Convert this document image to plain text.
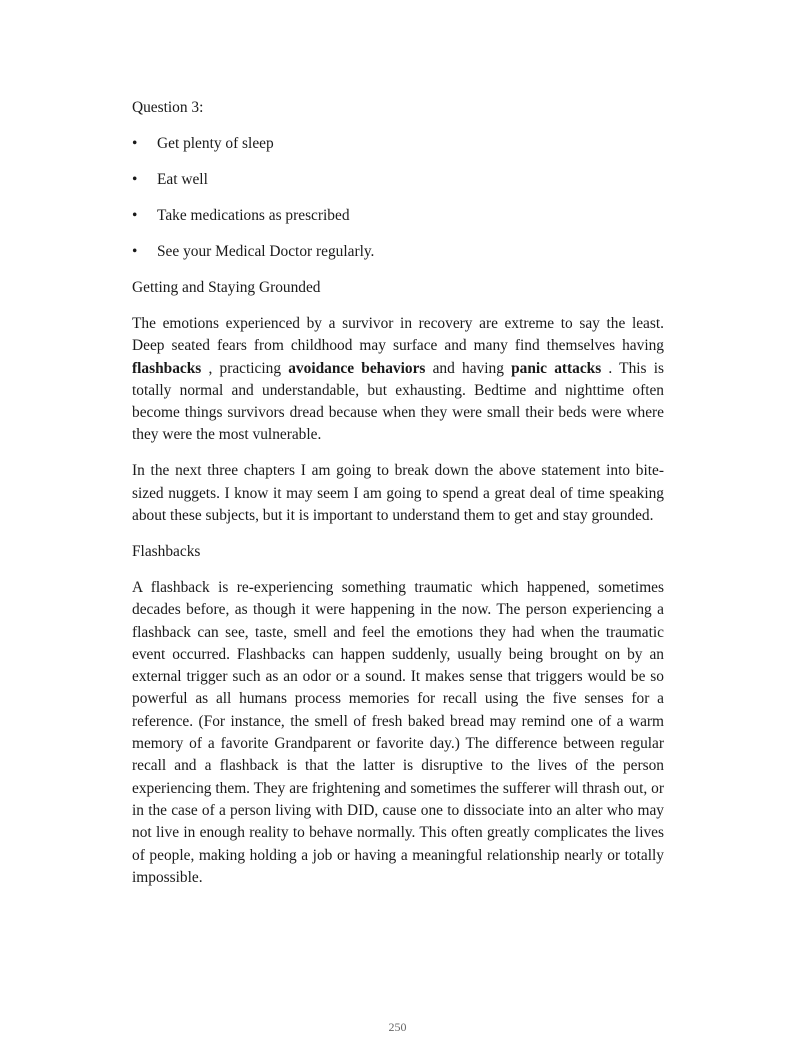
Question 3:
• Get plenty of sleep
• Eat well
• Take medications as prescribed
• See your Medical Doctor regularly.
Getting and Staying Grounded

The emotions experienced by a survivor in recovery are extreme to say the least. Deep seated fears from childhood may surface and many find themselves having flashbacks , practicing avoidance behaviors and having panic attacks . This is totally normal and understandable, but exhausting. Bedtime and nighttime often become things survivors dread because when they were small their beds were where they were the most vulnerable.

In the next three chapters I am going to break down the above statement into bite-sized nuggets. I know it may seem I am going to spend a great deal of time speaking about these subjects, but it is important to understand them to get and stay grounded.

Flashbacks

A flashback is re-experiencing something traumatic which happened, sometimes decades before, as though it were happening in the now. The person experiencing a flashback can see, taste, smell and feel the emotions they had when the traumatic event occurred. Flashbacks can happen suddenly, usually being brought on by an external trigger such as an odor or a sound. It makes sense that triggers would be so powerful as all humans process memories for recall using the five senses for a reference. (For instance, the smell of fresh baked bread may remind one of a warm memory of a favorite Grandparent or favorite day.) The difference between regular recall and a flashback is that the latter is disruptive to the lives of the person experiencing them. They are frightening and sometimes the sufferer will thrash out, or in the case of a person living with DID, cause one to dissociate into an alter who may not live in enough reality to behave normally. This often greatly complicates the lives of people, making holding a job or having a meaningful relationship nearly or totally impossible.

250
